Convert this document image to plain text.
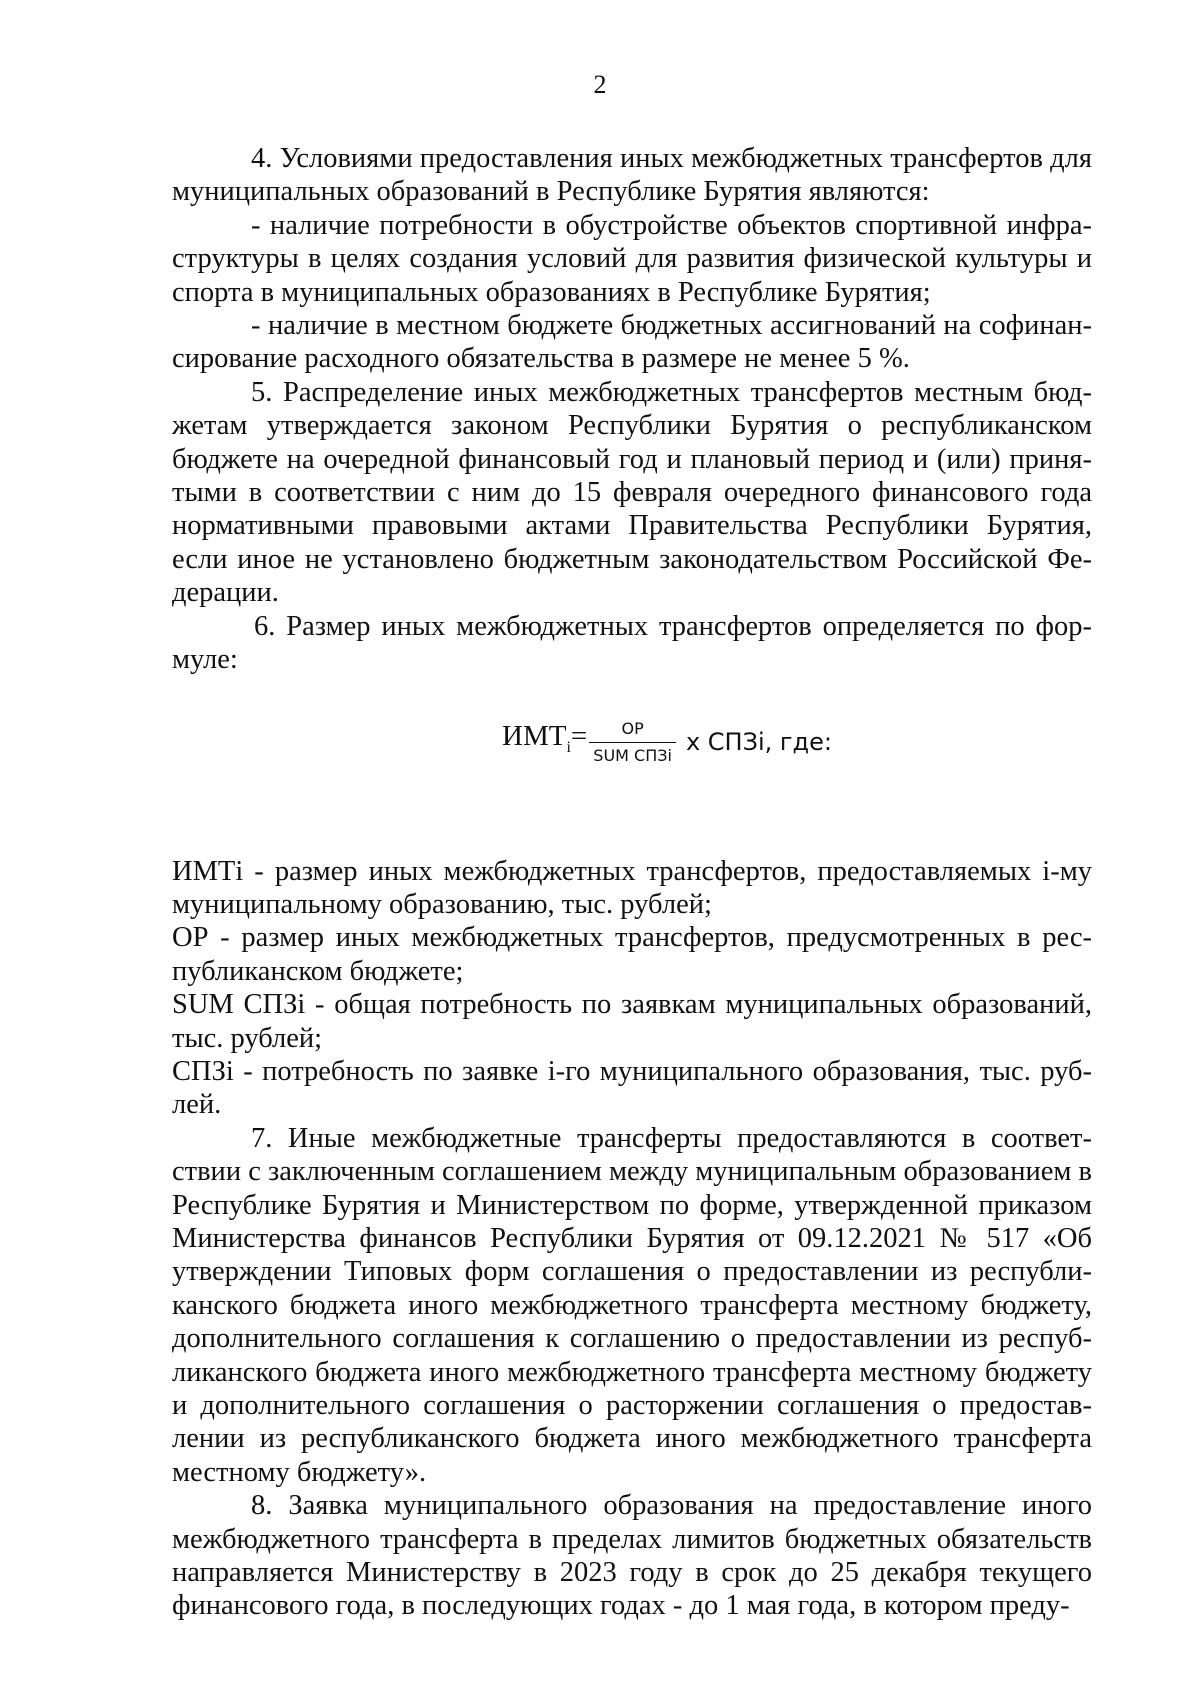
2

4. Условиями предоставления иных межбюджетных трансфертов для муниципальных образований в Республике Бурятия являются:

- наличие потребности в обустройстве объектов спортивной инфраструктуры в целях создания условий для развития физической культуры и спорта в муниципальных образованиях в Республике Бурятия;

- наличие в местном бюджете бюджетных ассигнований на софинансирование расходного обязательства в размере не менее 5 %.

5. Распределение иных межбюджетных трансфертов местным бюджетам утверждается законом Республики Бурятия о республиканском бюджете на очередной финансовый год и плановый период и (или) принятыми в соответствии с ним до 15 февраля очередного финансового года нормативными правовыми актами Правительства Республики Бурятия, если иное не установлено бюджетным законодательством Российской Федерации.

6. Размер иных межбюджетных трансфертов определяется по формуле:

$ИМТ_i= \frac{ОР}{\text{SUM СПЗi}}$ х СПЗi, где:

ИМТi - размер иных межбюджетных трансфертов, предоставляемых i-му муниципальному образованию, тыс. рублей;

ОР - размер иных межбюджетных трансфертов, предусмотренных в республиканском бюджете;

SUM СПЗi - общая потребность по заявкам муниципальных образований, тыс. рублей;

СПЗi - потребность по заявке i-го муниципального образования, тыс. рублей.

7. Иные межбюджетные трансферты предоставляются в соответствии с заключенным соглашением между муниципальным образованием в Республике Бурятия и Министерством по форме, утвержденной приказом Министерства финансов Республики Бурятия от 09.12.2021 № 517 «Об утверждении Типовых форм соглашения о предоставлении из республиканского бюджета иного межбюджетного трансферта местному бюджету, дополнительного соглашения к соглашению о предоставлении из республиканского бюджета иного межбюджетного трансферта местному бюджету и дополнительного соглашения о расторжении соглашения о предоставлении из республиканского бюджета иного межбюджетного трансферта местному бюджету».

8. Заявка муниципального образования на предоставление иного межбюджетного трансферта в пределах лимитов бюджетных обязательств направляется Министерству в 2023 году в срок до 25 декабря текущего финансового года, в последующих годах - до 1 мая года, в котором преду-
